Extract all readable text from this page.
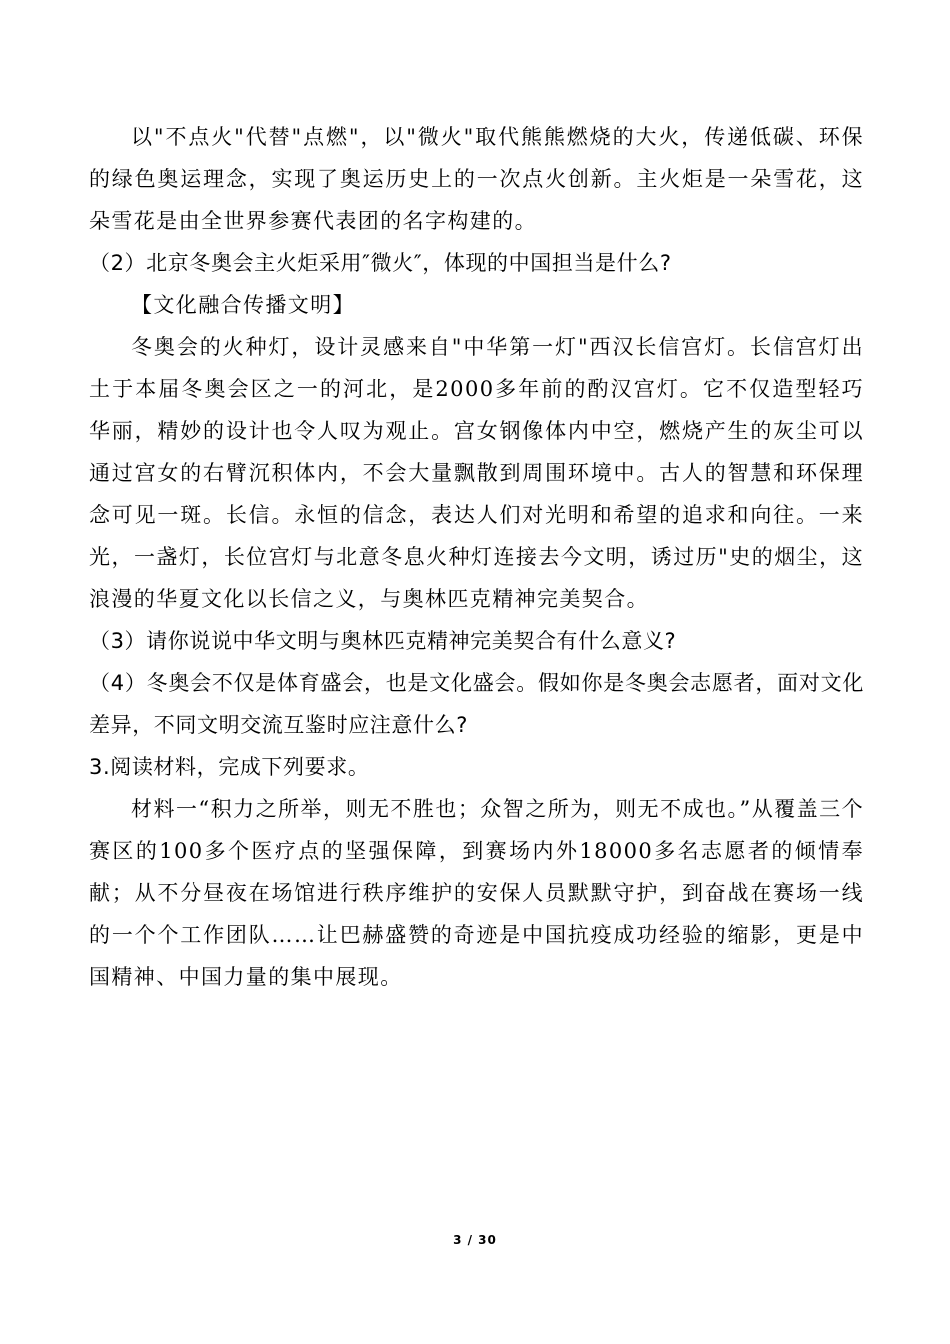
以"不点火"代替"点燃"，以"微火"取代熊熊燃烧的大火，传递低碳、环保的绿色奥运理念，实现了奥运历史上的一次点火创新。主火炬是一朵雪花，这朵雪花是由全世界参赛代表团的名字构建的。

（2）北京冬奥会主火炬采用″微火″，体现的中国担当是什么?

【文化融合传播文明】

冬奥会的火种灯，设计灵感来自"中华第一灯"西汉长信宫灯。长信宫灯出土于本届冬奥会区之一的河北，是2000多年前的酌汉宫灯。它不仅造型轻巧华丽，精妙的设计也令人叹为观止。宫女钢像体内中空，燃烧产生的灰尘可以通过宫女的右臂沉积体内，不会大量飘散到周围环境中。古人的智慧和环保理念可见一斑。长信。永恒的信念，表达人们对光明和希望的追求和向往。一来光，一盏灯，长位宫灯与北意冬息火种灯连接去今文明，诱过历"史的烟尘，这浪漫的华夏文化以长信之义，与奥林匹克精神完美契合。

（3）请你说说中华文明与奥林匹克精神完美契合有什么意义?

（4）冬奥会不仅是体育盛会，也是文化盛会。假如你是冬奥会志愿者，面对文化差异，不同文明交流互鉴时应注意什么?

3.阅读材料，完成下列要求。

材料一“积力之所举，则无不胜也；众智之所为，则无不成也。”从覆盖三个赛区的100多个医疗点的坚强保障，到赛场内外18000多名志愿者的倾情奉献；从不分昼夜在场馆进行秩序维护的安保人员默默守护，到奋战在赛场一线的一个个工作团队……让巴赫盛赞的奇迹是中国抗疫成功经验的缩影，更是中国精神、中国力量的集中展现。

3 / 30
